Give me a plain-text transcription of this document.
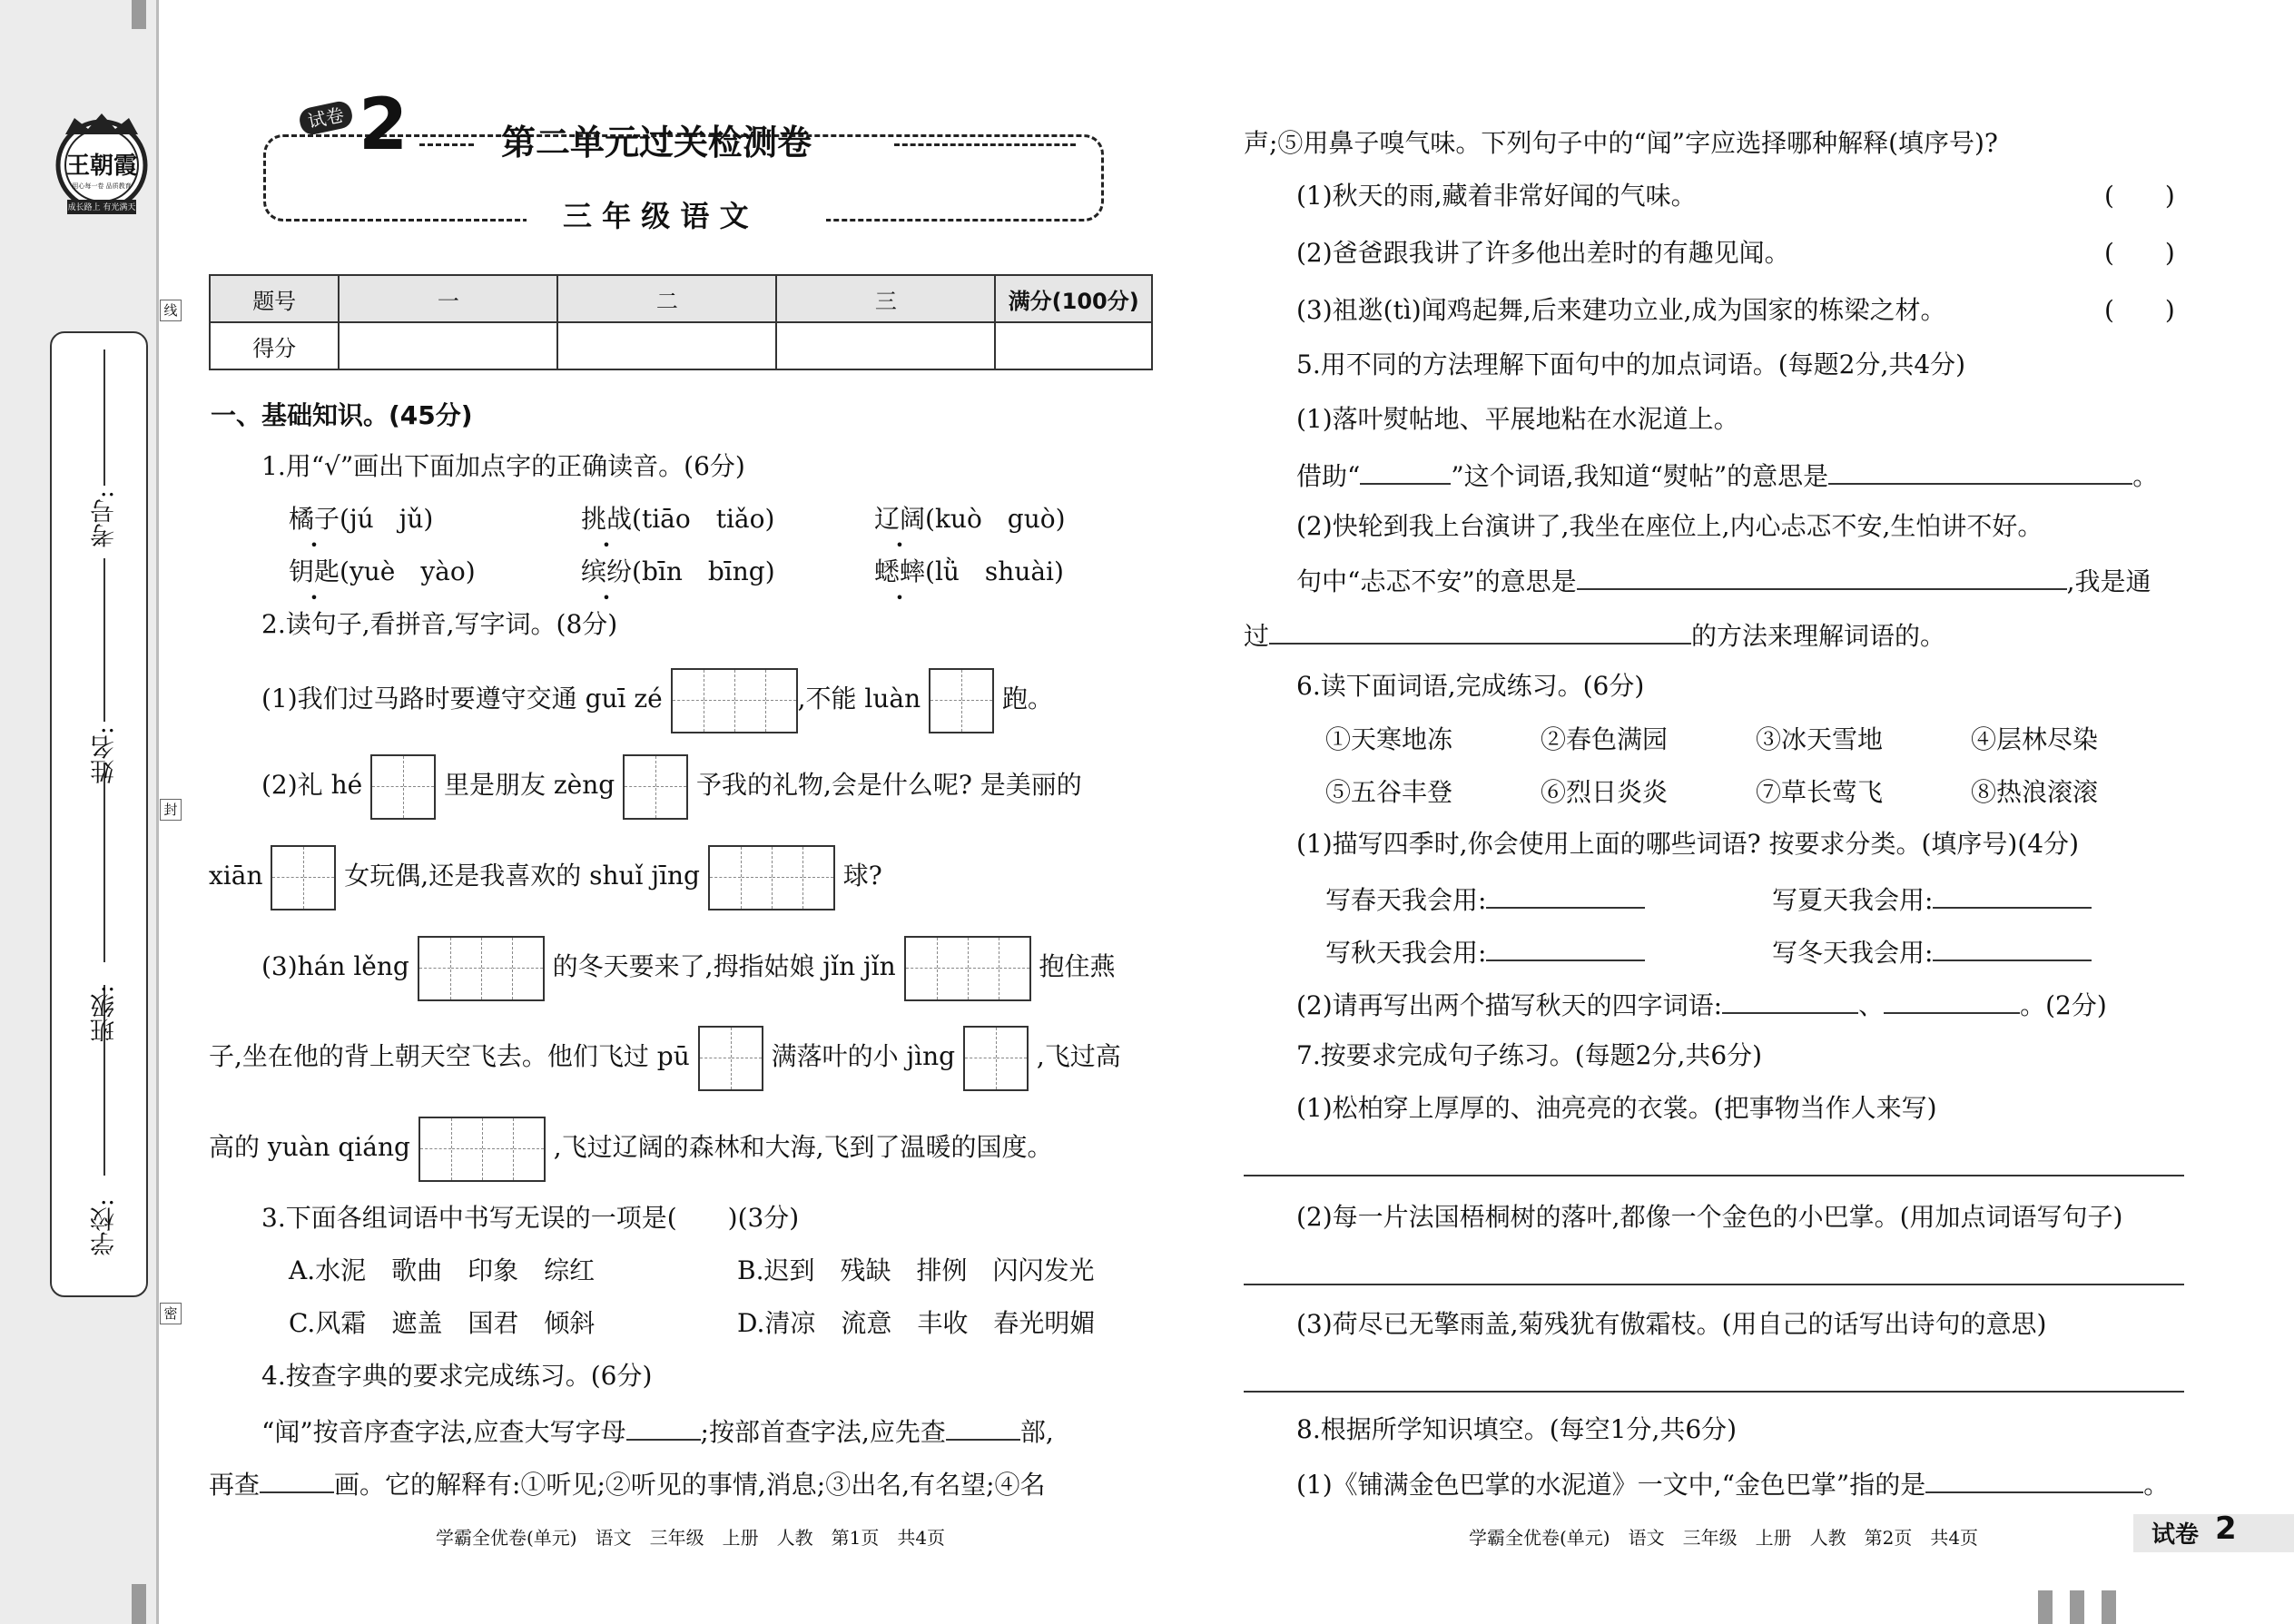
王朝霞
用心每一卷 品质教育
成长路上 有光满天
学校:
班级:
姓名:
考号:
线
封
密
试卷 2	第二单元过关检测卷
三 年 级 语 文
题号	一	二	三	满分(100分)
得分				
一、基础知识。(45分)
1.用“√”画出下面加点字的正确读音。(6分)
橘子(jú　jǔ)	挑战(tiāo　tiǎo)	辽阔(kuò　guò)
钥匙(yuè　yào)	缤纷(bīn　bīng)	蟋蟀(lǜ　shuài)
2.读句子,看拼音,写字词。(8分)
(1)我们过马路时要遵守交通 guī zé	,不能 luàn	跑。
(2)礼 hé	里是朋友 zèng	予我的礼物,会是什么呢? 是美丽的
xiān	女玩偶,还是我喜欢的 shuǐ jīng	球?
(3)hán lěng	的冬天要来了,拇指姑娘 jǐn jǐn	抱住燕
子,坐在他的背上朝天空飞去。他们飞过 pū	满落叶的小 jìng	,飞过高
高的 yuàn qiáng	,飞过辽阔的森林和大海,飞到了温暖的国度。
3.下面各组词语中书写无误的一项是(　　)(3分)
A.水泥　歌曲　印象　综红	B.迟到　残缺　排例　闪闪发光
C.风霜　遮盖　国君　倾斜	D.清凉　流意　丰收　春光明媚
4.按查字典的要求完成练习。(6分)
“闻”按音序查字法,应查大写字母	;按部首查字法,应先查	部,
再查	画。它的解释有:①听见;②听见的事情,消息;③出名,有名望;④名
学霸全优卷(单元)　语文　三年级　上册　人教　第1页　共4页
声;⑤用鼻子嗅气味。下列句子中的“闻”字应选择哪种解释(填序号)?
(1)秋天的雨,藏着非常好闻的气味。	(　　)
(2)爸爸跟我讲了许多他出差时的有趣见闻。	(　　)
(3)祖逖(tì)闻鸡起舞,后来建功立业,成为国家的栋梁之材。	(　　)
5.用不同的方法理解下面句中的加点词语。(每题2分,共4分)
(1)落叶熨帖地、平展地粘在水泥道上。
借助“	”这个词语,我知道“熨帖”的意思是	。
(2)快轮到我上台演讲了,我坐在座位上,内心忐忑不安,生怕讲不好。
句中“忐忑不安”的意思是	,我是通
过	的方法来理解词语的。
6.读下面词语,完成练习。(6分)
①天寒地冻	②春色满园	③冰天雪地	④层林尽染
⑤五谷丰登	⑥烈日炎炎	⑦草长莺飞	⑧热浪滚滚
(1)描写四季时,你会使用上面的哪些词语? 按要求分类。(填序号)(4分)
写春天我会用:	写夏天我会用:
写秋天我会用:	写冬天我会用:
(2)请再写出两个描写秋天的四字词语:	、	。(2分)
7.按要求完成句子练习。(每题2分,共6分)
(1)松柏穿上厚厚的、油亮亮的衣裳。(把事物当作人来写)
(2)每一片法国梧桐树的落叶,都像一个金色的小巴掌。(用加点词语写句子)
(3)荷尽已无擎雨盖,菊残犹有傲霜枝。(用自己的话写出诗句的意思)
8.根据所学知识填空。(每空1分,共6分)
(1)《铺满金色巴掌的水泥道》一文中,“金色巴掌”指的是	。
学霸全优卷(单元)　语文　三年级　上册　人教　第2页　共4页	试卷 2
